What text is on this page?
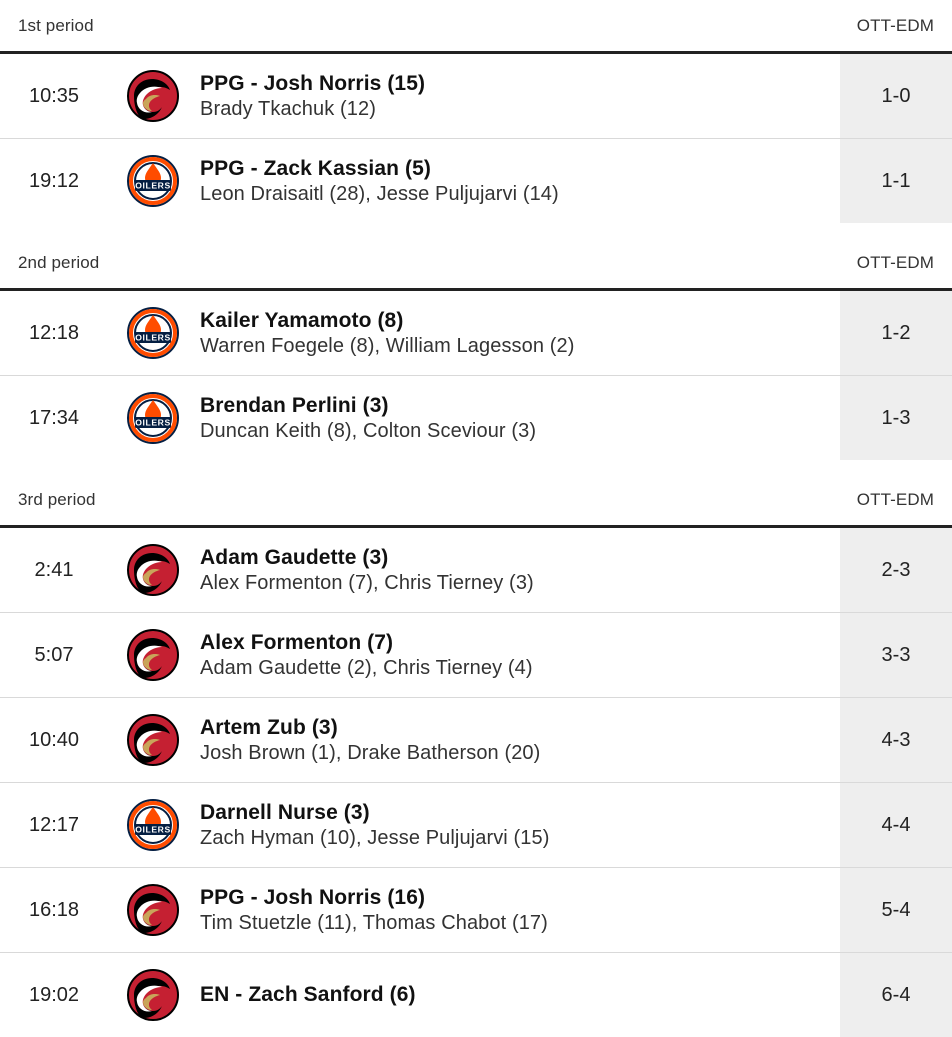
1st period	OTT-EDM
10:35
PPG - Josh Norris (15)
Brady Tkachuk (12)
1-0
19:12	OILERS
PPG - Zack Kassian (5)
Leon Draisaitl (28), Jesse Puljujarvi (14)
1-1
2nd period	OTT-EDM
12:18	OILERS
Kailer Yamamoto (8)
Warren Foegele (8), William Lagesson (2)
1-2
17:34	OILERS
Brendan Perlini (3)
Duncan Keith (8), Colton Sceviour (3)
1-3
3rd period	OTT-EDM
2:41
Adam Gaudette (3)
Alex Formenton (7), Chris Tierney (3)
2-3
5:07
Alex Formenton (7)
Adam Gaudette (2), Chris Tierney (4)
3-3
10:40
Artem Zub (3)
Josh Brown (1), Drake Batherson (20)
4-3
12:17	OILERS
Darnell Nurse (3)
Zach Hyman (10), Jesse Puljujarvi (15)
4-4
16:18
PPG - Josh Norris (16)
Tim Stuetzle (11), Thomas Chabot (17)
5-4
19:02	EN - Zach Sanford (6)	6-4
